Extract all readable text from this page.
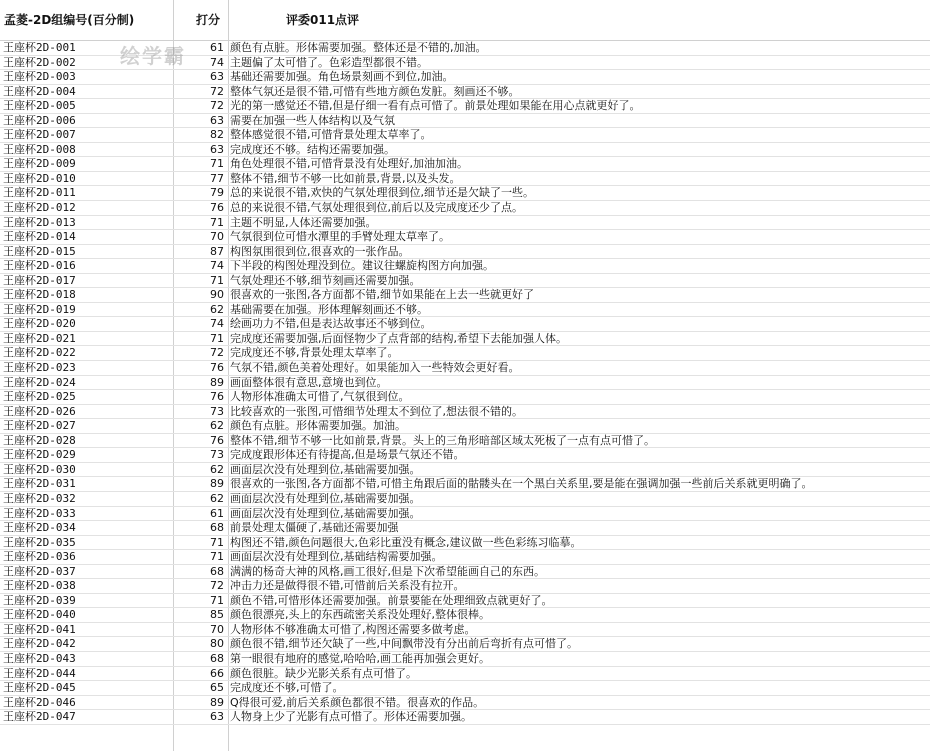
孟菱-2D组编号(百分制)	打分	评委011点评
王座杯2D-001	61 颜色有点脏。形体需要加强。整体还是不错的,加油。
王座杯2D-002	74 主题偏了太可惜了。色彩造型都很不错。
王座杯2D-003	63 基础还需要加强。角色场景刻画不到位,加油。
王座杯2D-004	72 整体气氛还是很不错,可惜有些地方颜色发脏。刻画还不够。
王座杯2D-005	72 光的第一感觉还不错,但是仔细一看有点可惜了。前景处理如果能在用心点就更好了。
王座杯2D-006	63 需要在加强一些人体结构以及气氛
王座杯2D-007	82 整体感觉很不错,可惜背景处理太草率了。
王座杯2D-008	63 完成度还不够。结构还需要加强。
王座杯2D-009	71 角色处理很不错,可惜背景没有处理好,加油加油。
王座杯2D-010	77 整体不错,细节不够一比如前景,背景,以及头发。
王座杯2D-011	79 总的来说很不错,欢快的气氛处理很到位,细节还是欠缺了一些。
王座杯2D-012	76 总的来说很不错,气氛处理很到位,前后以及完成度还少了点。
王座杯2D-013	71 主题不明显,人体还需要加强。
王座杯2D-014	70 气氛很到位可惜水潭里的手臂处理太草率了。
王座杯2D-015	87 构图氛围很到位,很喜欢的一张作品。
王座杯2D-016	74 下半段的构图处理没到位。建议往螺旋构图方向加强。
王座杯2D-017	71 气氛处理还不够,细节刻画还需要加强。
王座杯2D-018	90 很喜欢的一张图,各方面都不错,细节如果能在上去一些就更好了
王座杯2D-019	62 基础需要在加强。形体理解刻画还不够。
王座杯2D-020	74 绘画功力不错,但是表达故事还不够到位。
王座杯2D-021	71 完成度还需要加强,后面怪物少了点背部的结构,希望下去能加强人体。
王座杯2D-022	72 完成度还不够,背景处理太草率了。
王座杯2D-023	76 气氛不错,颜色美着处理好。如果能加入一些特效会更好看。
王座杯2D-024	89 画面整体很有意思,意境也到位。
王座杯2D-025	76 人物形体准确太可惜了,气氛很到位。
王座杯2D-026	73 比较喜欢的一张图,可惜细节处理太不到位了,想法很不错的。
王座杯2D-027	62 颜色有点脏。形体需要加强。加油。
王座杯2D-028	76 整体不错,细节不够一比如前景,背景。头上的三角形暗部区域太死板了一点有点可惜了。
王座杯2D-029	73 完成度跟形体还有待提高,但是场景气氛还不错。
王座杯2D-030	62 画面层次没有处理到位,基础需要加强。
王座杯2D-031	89 很喜欢的一张图,各方面都不错,可惜主角跟后面的骷髅头在一个黑白关系里,要是能在强调加强一些前后关系就更明确了。
王座杯2D-032	62 画面层次没有处理到位,基础需要加强。
王座杯2D-033	61 画面层次没有处理到位,基础需要加强。
王座杯2D-034	68 前景处理太僵硬了,基础还需要加强
王座杯2D-035	71 构图还不错,颜色问题很大,色彩比重没有概念,建议做一些色彩练习临摹。
王座杯2D-036	71 画面层次没有处理到位,基础结构需要加强。
王座杯2D-037	68 满满的杨奇大神的风格,画工很好,但是下次希望能画自己的东西。
王座杯2D-038	72 冲击力还是做得很不错,可惜前后关系没有拉开。
王座杯2D-039	71 颜色不错,可惜形体还需要加强。前景要能在处理细致点就更好了。
王座杯2D-040	85 颜色很漂亮,头上的东西疏密关系没处理好,整体很棒。
王座杯2D-041	70 人物形体不够准确太可惜了,构图还需要多做考虑。
王座杯2D-042	80 颜色很不错,细节还欠缺了一些,中间飘带没有分出前后弯折有点可惜了。
王座杯2D-043	68 第一眼很有地府的感觉,哈哈哈,画工能再加强会更好。
王座杯2D-044	66 颜色很脏。缺少光影关系有点可惜了。
王座杯2D-045	65 完成度还不够,可惜了。
王座杯2D-046	89 Q得很可爱,前后关系颜色都很不错。很喜欢的作品。
王座杯2D-047	63 人物身上少了光影有点可惜了。形体还需要加强。
绘学霸
